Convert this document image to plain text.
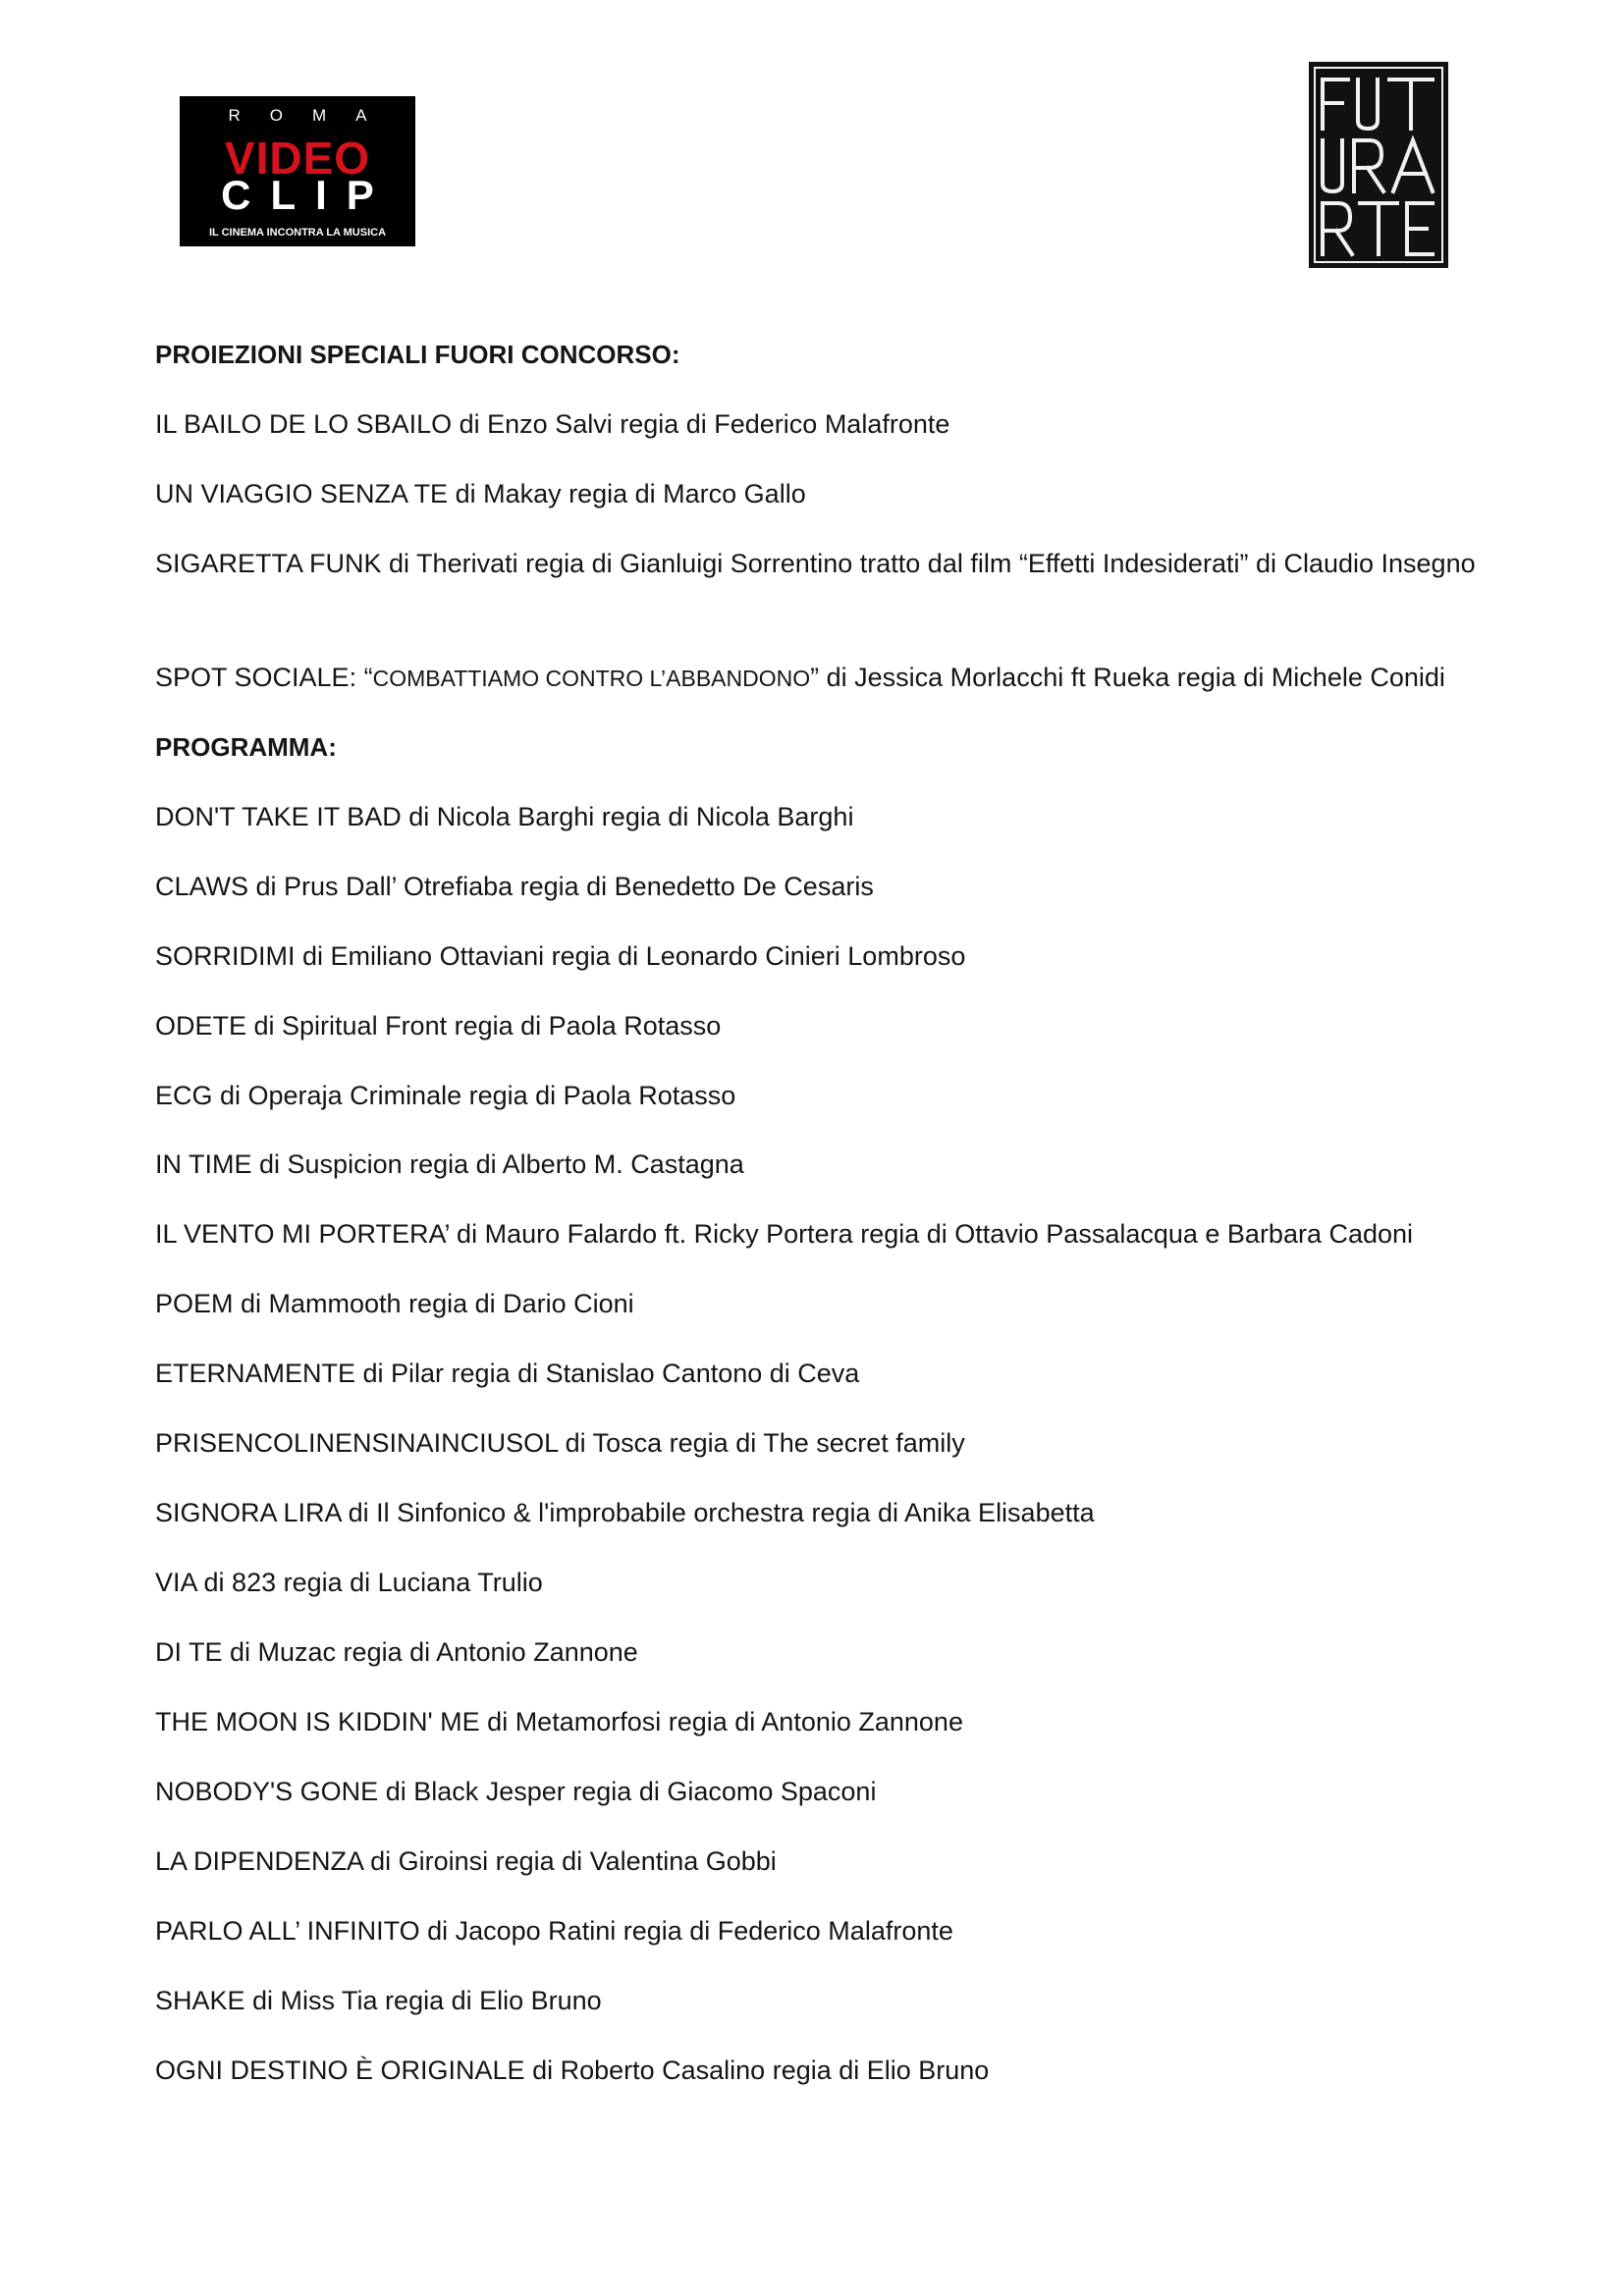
ROMA
VIDEO
CLIP
IL CINEMA INCONTRA LA MUSICA
PROIEZIONI SPECIALI FUORI CONCORSO:
IL BAILO DE LO SBAILO di Enzo Salvi regia di Federico Malafronte
UN VIAGGIO SENZA TE di Makay regia di Marco Gallo
SIGARETTA FUNK di Therivati regia di Gianluigi Sorrentino tratto dal film “Effetti Indesiderati” di Claudio Insegno
SPOT SOCIALE: “COMBATTIAMO CONTRO L’ABBANDONO” di Jessica Morlacchi ft Rueka regia di Michele Conidi
PROGRAMMA:
DON'T TAKE IT BAD di Nicola Barghi regia di Nicola Barghi
CLAWS di Prus Dall’ Otrefiaba regia di Benedetto De Cesaris
SORRIDIMI di Emiliano Ottaviani regia di Leonardo Cinieri Lombroso
ODETE di Spiritual Front regia di Paola Rotasso
ECG di Operaja Criminale regia di Paola Rotasso
IN TIME di Suspicion regia di Alberto M. Castagna
IL VENTO MI PORTERA’ di Mauro Falardo ft. Ricky Portera regia di Ottavio Passalacqua e Barbara Cadoni
POEM di Mammooth regia di Dario Cioni
ETERNAMENTE di Pilar regia di Stanislao Cantono di Ceva
PRISENCOLINENSINAINCIUSOL di Tosca regia di The secret family
SIGNORA LIRA di Il Sinfonico & l'improbabile orchestra regia di Anika Elisabetta
VIA di 823 regia di Luciana Trulio
DI TE di Muzac regia di Antonio Zannone
THE MOON IS KIDDIN' ME di Metamorfosi regia di Antonio Zannone
NOBODY'S GONE di Black Jesper regia di Giacomo Spaconi
LA DIPENDENZA di Giroinsi regia di Valentina Gobbi
PARLO ALL’ INFINITO di Jacopo Ratini regia di Federico Malafronte
SHAKE di Miss Tia regia di Elio Bruno
OGNI DESTINO È ORIGINALE di Roberto Casalino regia di Elio Bruno
